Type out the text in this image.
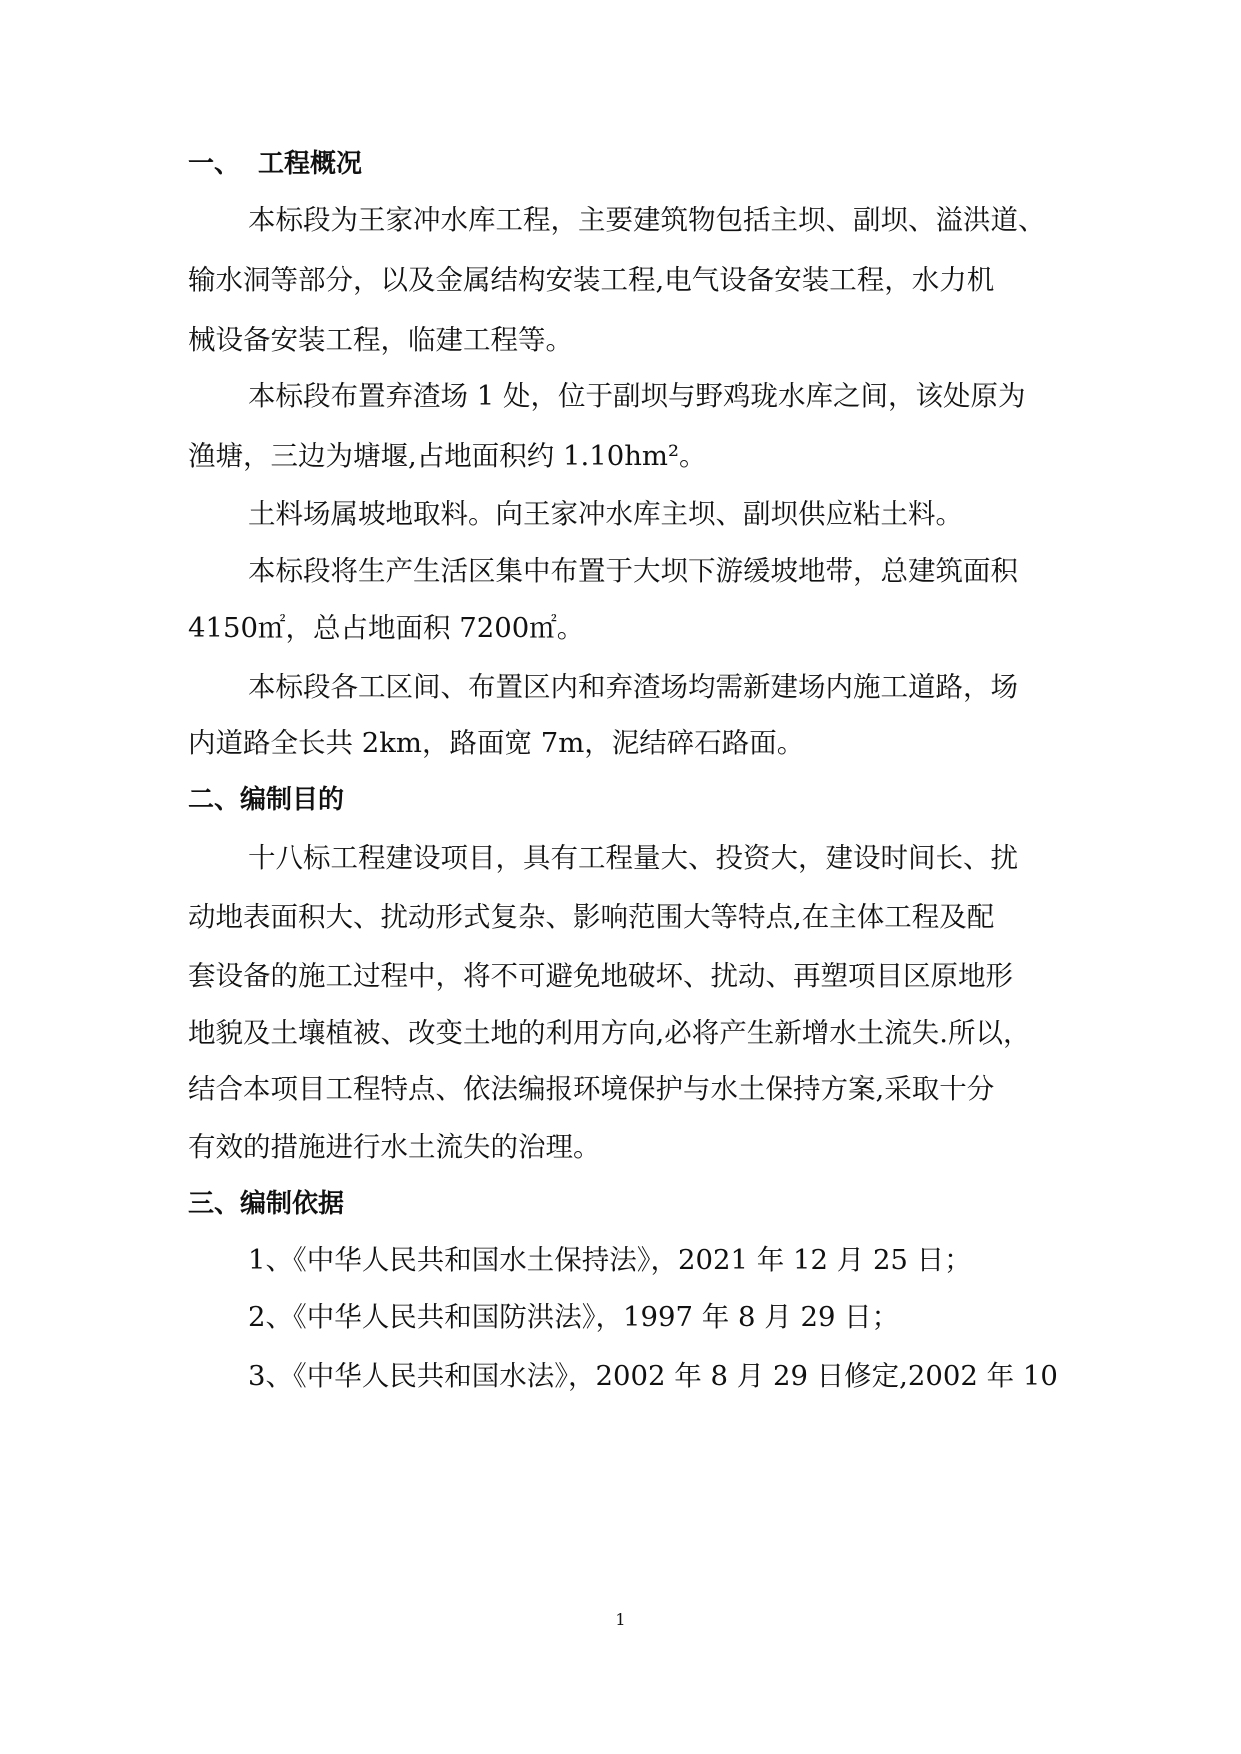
一、 工程概况
本标段为王家冲水库工程，主要建筑物包括主坝、副坝、溢洪道、
输水洞等部分，以及金属结构安装工程,电气设备安装工程，水力机
械设备安装工程，临建工程等。
本标段布置弃渣场 1 处，位于副坝与野鸡珑水库之间，该处原为
渔塘，三边为塘堰,占地面积约 1.10hm²。
土料场属坡地取料。向王家冲水库主坝、副坝供应粘土料。
本标段将生产生活区集中布置于大坝下游缓坡地带，总建筑面积
4150㎡，总占地面积 7200㎡。
本标段各工区间、布置区内和弃渣场均需新建场内施工道路，场
内道路全长共 2km，路面宽 7m，泥结碎石路面。
二、编制目的
十八标工程建设项目，具有工程量大、投资大，建设时间长、扰
动地表面积大、扰动形式复杂、影响范围大等特点,在主体工程及配
套设备的施工过程中，将不可避免地破坏、扰动、再塑项目区原地形
地貌及土壤植被、改变土地的利用方向,必将产生新增水土流失.所以，
结合本项目工程特点、依法编报环境保护与水土保持方案,采取十分
有效的措施进行水土流失的治理。
三、编制依据
1、《中华人民共和国水土保持法》，2021 年 12 月 25 日；
2、《中华人民共和国防洪法》，1997 年 8 月 29 日；
3、《中华人民共和国水法》，2002 年 8 月 29 日修定,2002 年 10
1
